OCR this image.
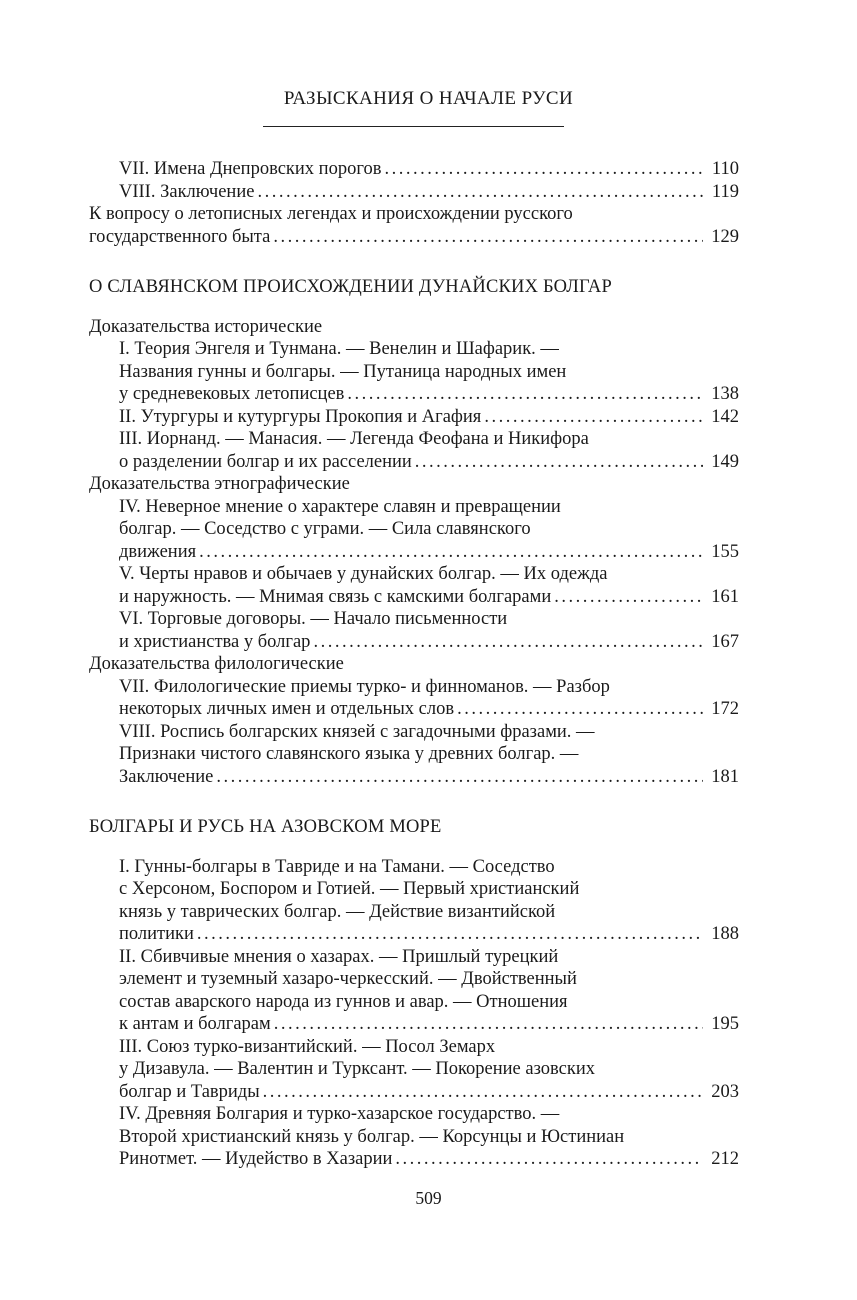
РАЗЫСКАНИЯ О НАЧАЛЕ РУСИ
VII. Имена Днепровских порогов .....	110
VIII. Заключение .....	119
К вопросу о летописных легендах и происхождении русского
государственного быта .....	129
О СЛАВЯНСКОМ ПРОИСХОЖДЕНИИ ДУНАЙСКИХ БОЛГАР
Доказательства исторические
I. Теория Энгеля и Тунмана. — Венелин и Шафарик. —
Названия гунны и болгары. — Путаница народных имен
у средневековых летописцев .....	138
II. Утургуры и кутургуры Прокопия и Агафия .....	142
III. Иорнанд. — Манасия. — Легенда Феофана и Никифора
о разделении болгар и их расселении .....	149
Доказательства этнографические
IV. Неверное мнение о характере славян и превращении
болгар. — Соседство с уграми. — Сила славянского
движения .....	155
V. Черты нравов и обычаев у дунайских болгар. — Их одежда
и наружность. — Мнимая связь с камскими болгарами .....	161
VI. Торговые договоры. — Начало письменности
и христианства у болгар .....	167
Доказательства филологические
VII. Филологические приемы турко- и финноманов. — Разбор
некоторых личных имен и отдельных слов .....	172
VIII. Роспись болгарских князей с загадочными фразами. —
Признаки чистого славянского языка у древних болгар. —
Заключение .....	181
БОЛГАРЫ И РУСЬ НА АЗОВСКОМ МОРЕ
I. Гунны-болгары в Тавриде и на Тамани. — Соседство
с Херсоном, Боспором и Готией. — Первый христианский
князь у таврических болгар. — Действие византийской
политики .....	188
II. Сбивчивые мнения о хазарах. — Пришлый турецкий
элемент и туземный хазаро-черкесский. — Двойственный
состав аварского народа из гуннов и авар. — Отношения
к антам и болгарам .....	195
III. Союз турко-византийский. — Посол Земарх
у Дизавула. — Валентин и Турксант. — Покорение азовских
болгар и Тавриды .....	203
IV. Древняя Болгария и турко-хазарское государство. —
Второй христианский князь у болгар. — Корсунцы и Юстиниан
Ринотмет. — Иудейство в Хазарии .....	212
509
